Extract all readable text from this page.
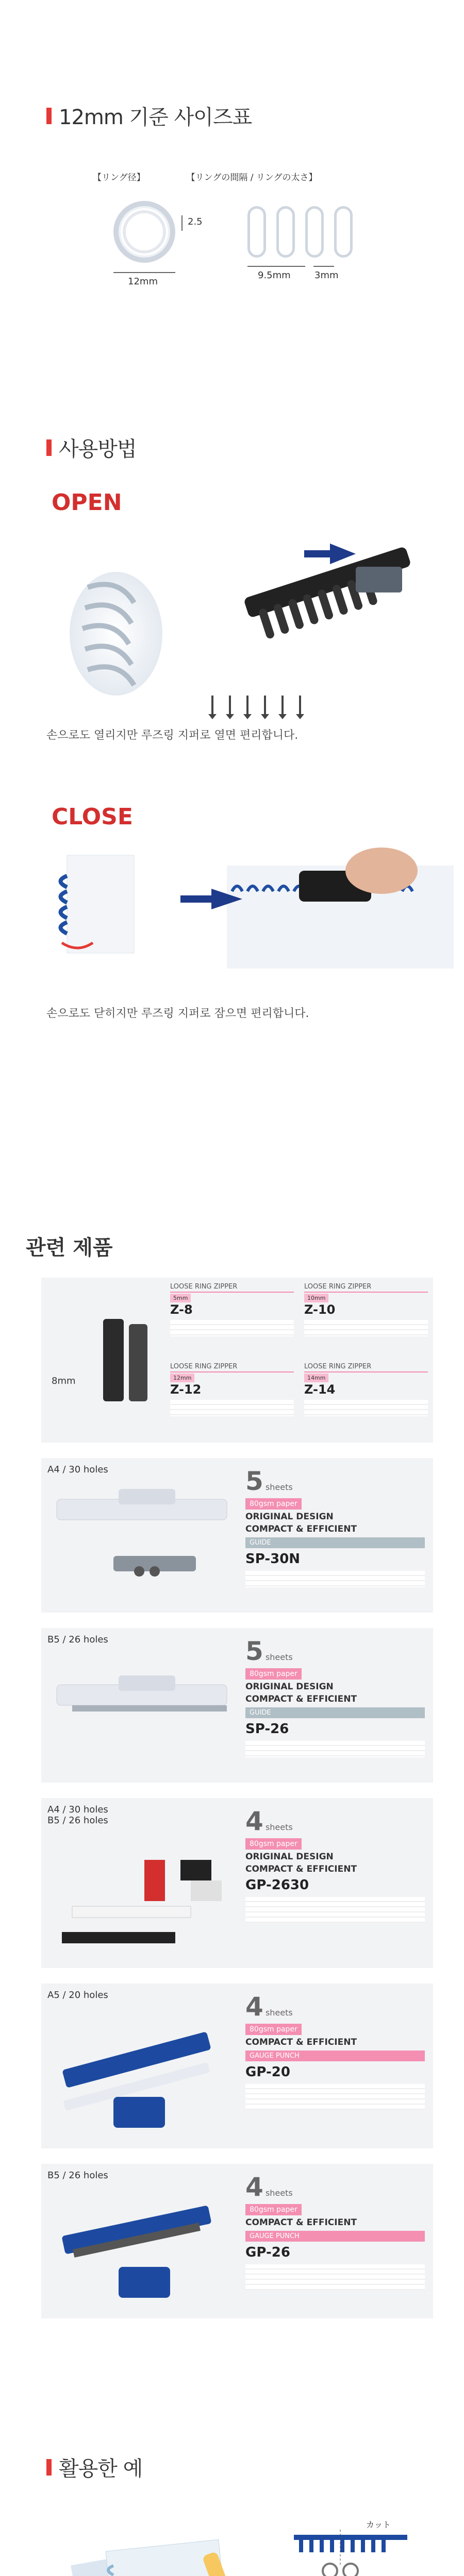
12mm 기준 사이즈표
【リング径】	【リングの間隔 / リングの太さ】
2.5
12mm
9.5mm	3mm
사용방법
OPEN
손으로도 열리지만 루즈링 지퍼로 열면 편리합니다.
CLOSE
손으로도 닫히지만 루즈링 지퍼로 잠으면 편리합니다.
관련 제품
8mm
LOOSE RING ZIPPER
5mm
Z-8
LOOSE RING ZIPPER
10mm
Z-10
LOOSE RING ZIPPER
12mm
Z-12
LOOSE RING ZIPPER
14mm
Z-14
A4 / 30 holes	5 sheets
80gsm paper
ORIGINAL DESIGN
COMPACT & EFFICIENT
GUIDE
SP-30N
B5 / 26 holes	5 sheets
80gsm paper
ORIGINAL DESIGN
COMPACT & EFFICIENT
GUIDE
SP-26
A4 / 30 holes
B5 / 26 holes	4 sheets
80gsm paper
ORIGINAL DESIGN
COMPACT & EFFICIENT
GP-2630
A5 / 20 holes	4 sheets
80gsm paper
COMPACT & EFFICIENT
GAUGE PUNCH
GP-20
B5 / 26 holes	4 sheets
80gsm paper
COMPACT & EFFICIENT
GAUGE PUNCH
GP-26
활용한 예
カット
